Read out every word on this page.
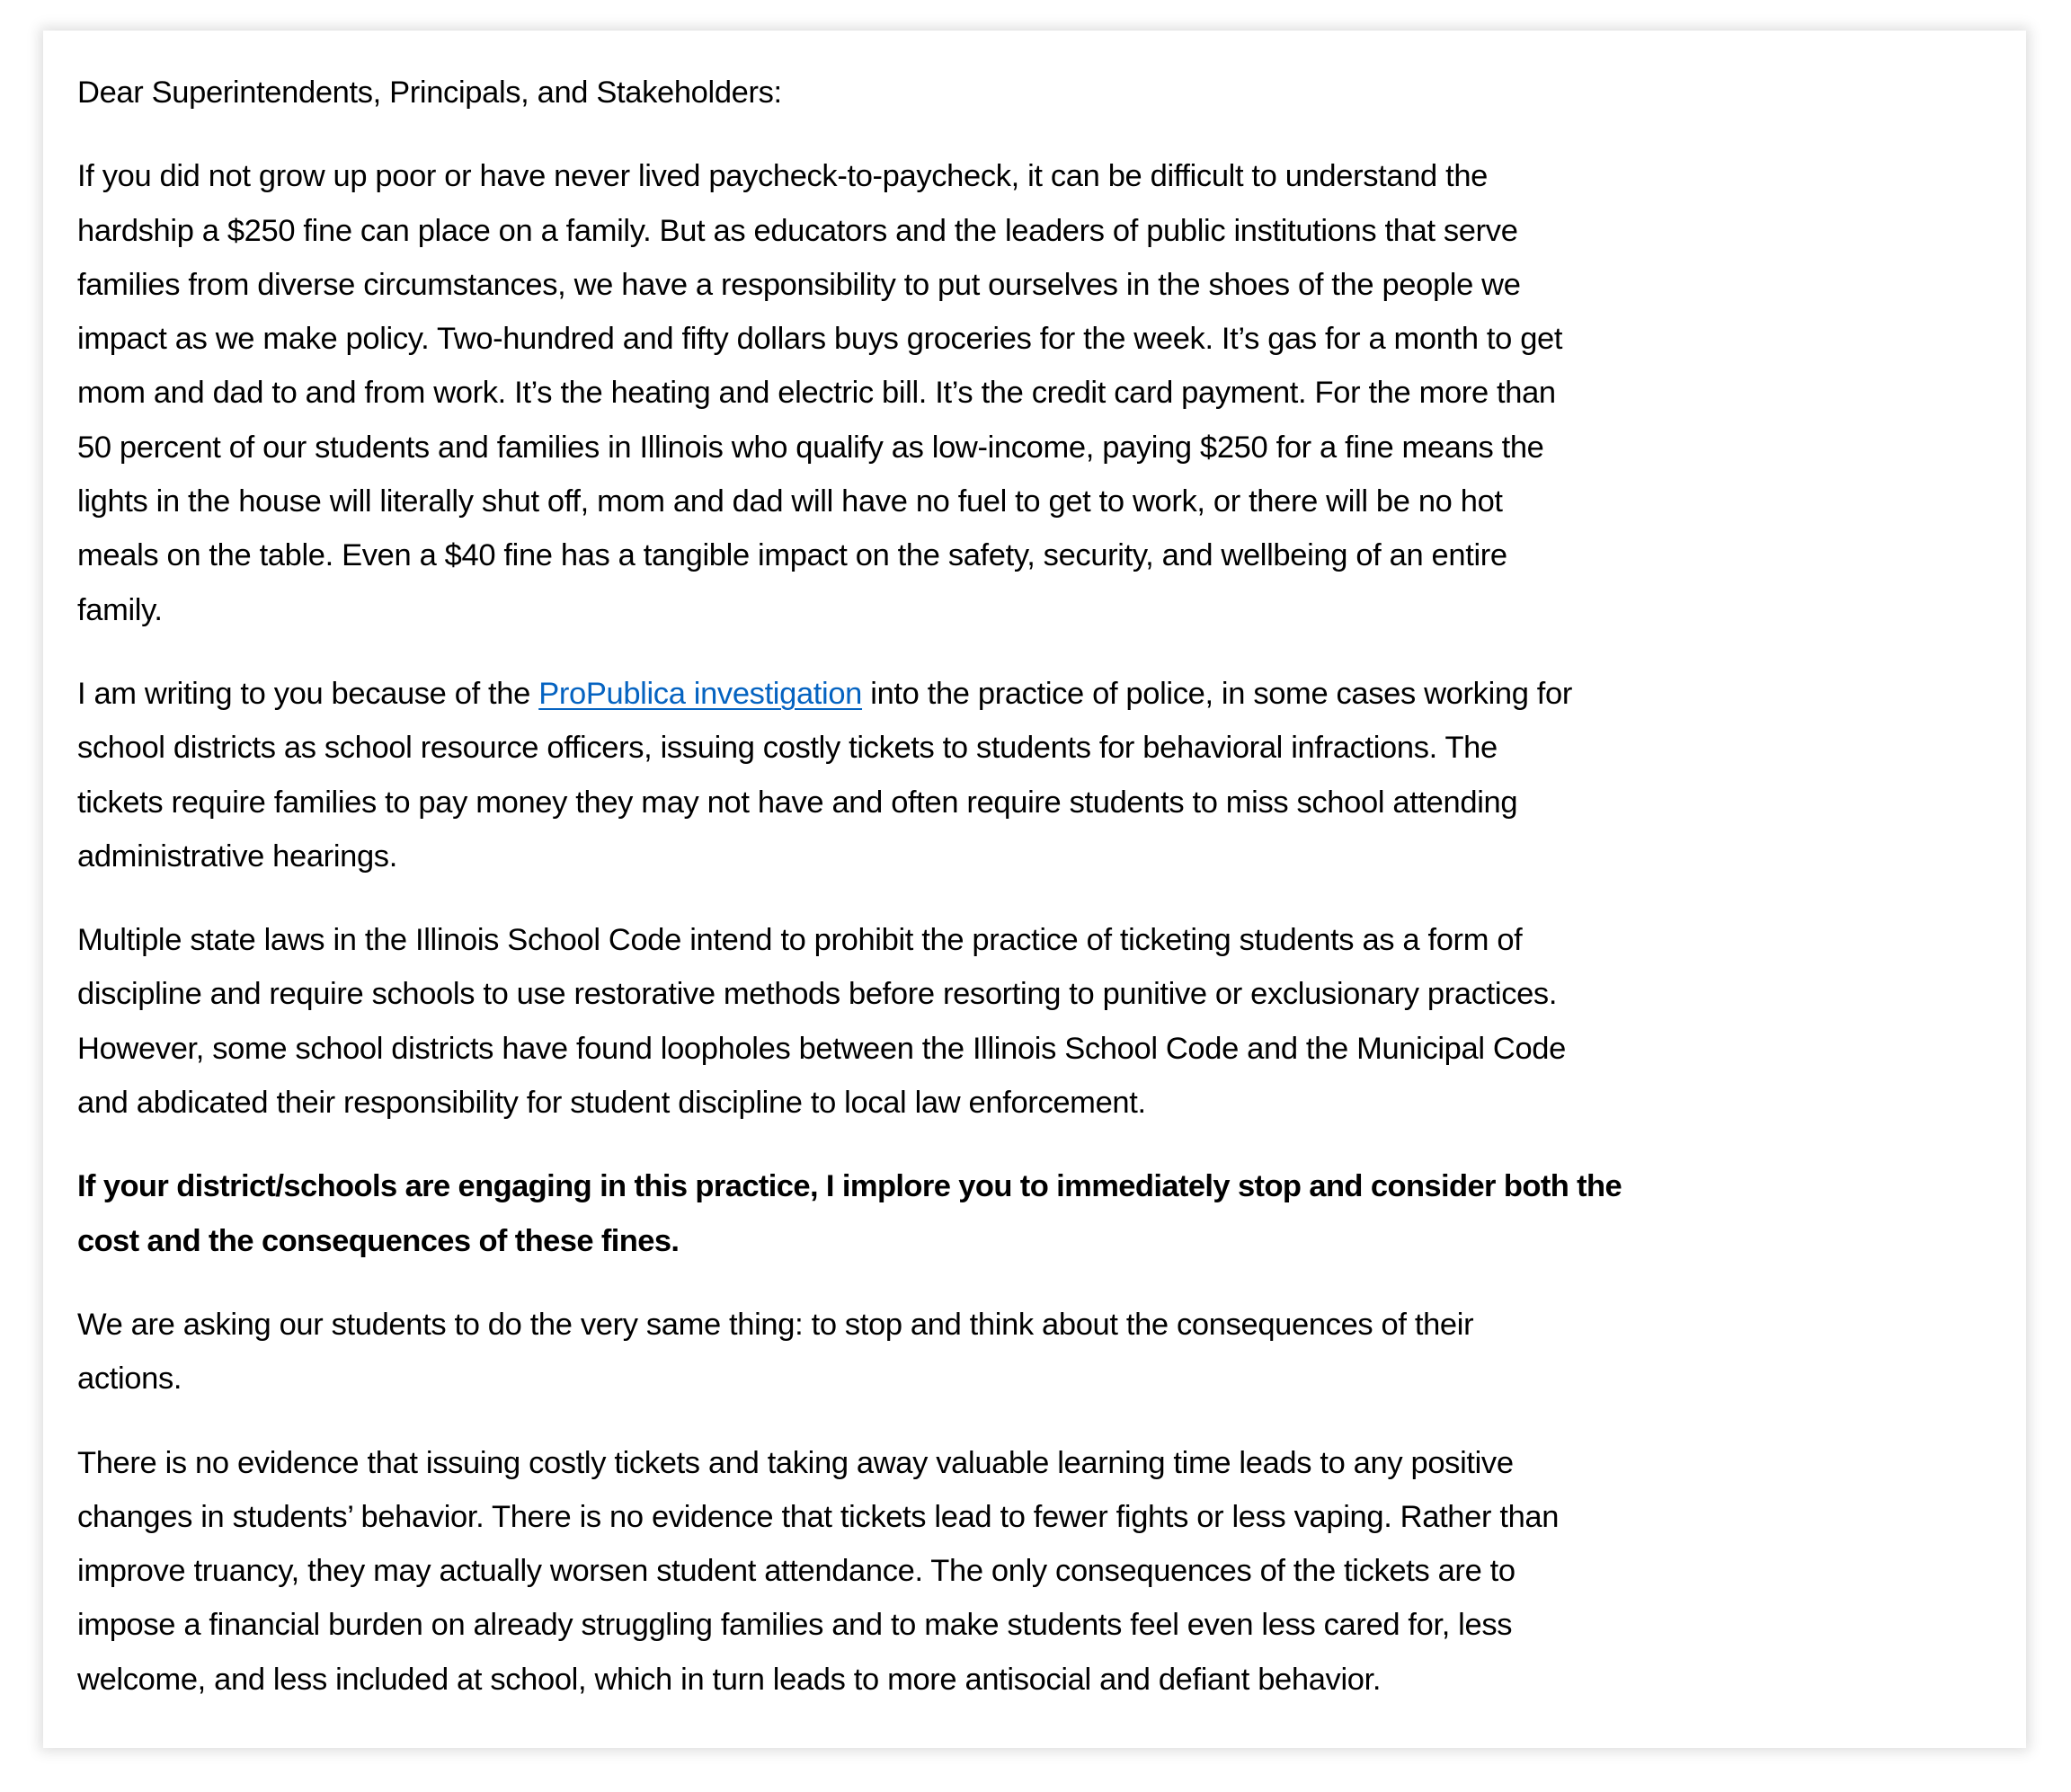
Dear Superintendents, Principals, and Stakeholders:
If you did not grow up poor or have never lived paycheck-to-paycheck, it can be difficult to understand the
hardship a $250 fine can place on a family. But as educators and the leaders of public institutions that serve
families from diverse circumstances, we have a responsibility to put ourselves in the shoes of the people we
impact as we make policy. Two-hundred and fifty dollars buys groceries for the week. It’s gas for a month to get
mom and dad to and from work. It’s the heating and electric bill. It’s the credit card payment. For the more than
50 percent of our students and families in Illinois who qualify as low-income, paying $250 for a fine means the
lights in the house will literally shut off, mom and dad will have no fuel to get to work, or there will be no hot
meals on the table. Even a $40 fine has a tangible impact on the safety, security, and wellbeing of an entire
family.
I am writing to you because of the ProPublica investigation into the practice of police, in some cases working for
school districts as school resource officers, issuing costly tickets to students for behavioral infractions. The
tickets require families to pay money they may not have and often require students to miss school attending
administrative hearings.
Multiple state laws in the Illinois School Code intend to prohibit the practice of ticketing students as a form of
discipline and require schools to use restorative methods before resorting to punitive or exclusionary practices.
However, some school districts have found loopholes between the Illinois School Code and the Municipal Code
and abdicated their responsibility for student discipline to local law enforcement.
If your district/schools are engaging in this practice, I implore you to immediately stop and consider both the
cost and the consequences of these fines.
We are asking our students to do the very same thing: to stop and think about the consequences of their
actions.
There is no evidence that issuing costly tickets and taking away valuable learning time leads to any positive
changes in students’ behavior. There is no evidence that tickets lead to fewer fights or less vaping. Rather than
improve truancy, they may actually worsen student attendance. The only consequences of the tickets are to
impose a financial burden on already struggling families and to make students feel even less cared for, less
welcome, and less included at school, which in turn leads to more antisocial and defiant behavior.
